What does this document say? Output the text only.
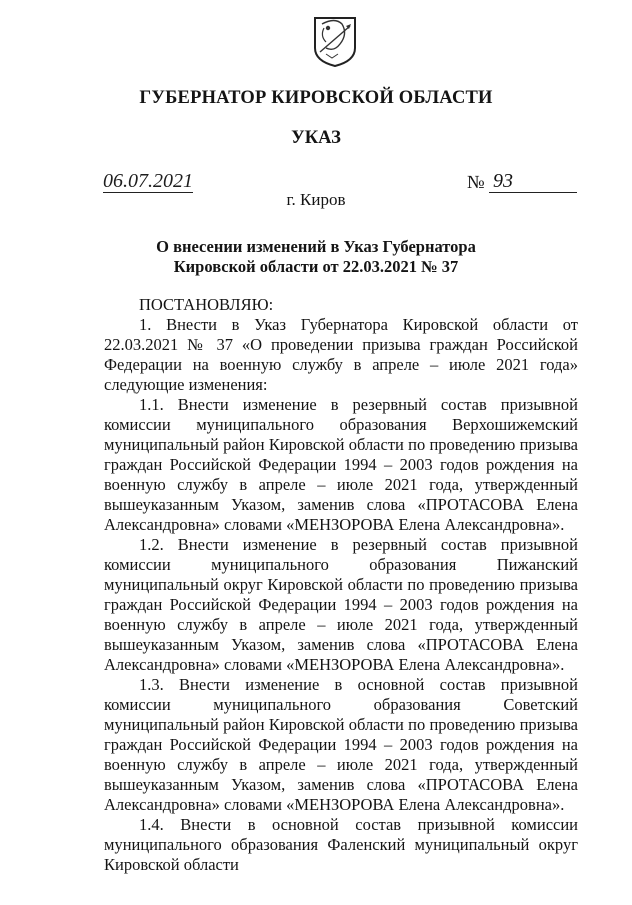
ГУБЕРНАТОР КИРОВСКОЙ ОБЛАСТИ
УКАЗ
06.07.2021	№ 93
г. Киров
О внесении изменений в Указ Губернатора
Кировской области от 22.03.2021 № 37

ПОСТАНОВЛЯЮ:

1. Внести в Указ Губернатора Кировской области от 22.03.2021 № 37 «О проведении призыва граждан Российской Федерации на военную службу в апреле – июле 2021 года» следующие изменения:

1.1. Внести изменение в резервный состав призывной комиссии муниципального образования Верхошижемский муниципальный район Кировской области по проведению призыва граждан Российской Федерации 1994 – 2003 годов рождения на военную службу в апреле – июле 2021 года, утвержденный вышеуказанным Указом, заменив слова «ПРОТАСОВА Елена Александровна» словами «МЕНЗОРОВА Елена Александровна».

1.2. Внести изменение в резервный состав призывной комиссии муниципального образования Пижанский муниципальный округ Кировской области по проведению призыва граждан Российской Федерации 1994 – 2003 годов рождения на военную службу в апреле – июле 2021 года, утвержденный вышеуказанным Указом, заменив слова «ПРОТАСОВА Елена Александровна» словами «МЕНЗОРОВА Елена Александровна».

1.3. Внести изменение в основной состав призывной комиссии муниципального образования Советский муниципальный район Кировской области по проведению призыва граждан Российской Федерации 1994 – 2003 годов рождения на военную службу в апреле – июле 2021 года, утвержденный вышеуказанным Указом, заменив слова «ПРОТАСОВА Елена Александровна» словами «МЕНЗОРОВА Елена Александровна».

1.4. Внести в основной состав призывной комиссии муниципального образования Фаленский муниципальный округ Кировской области
